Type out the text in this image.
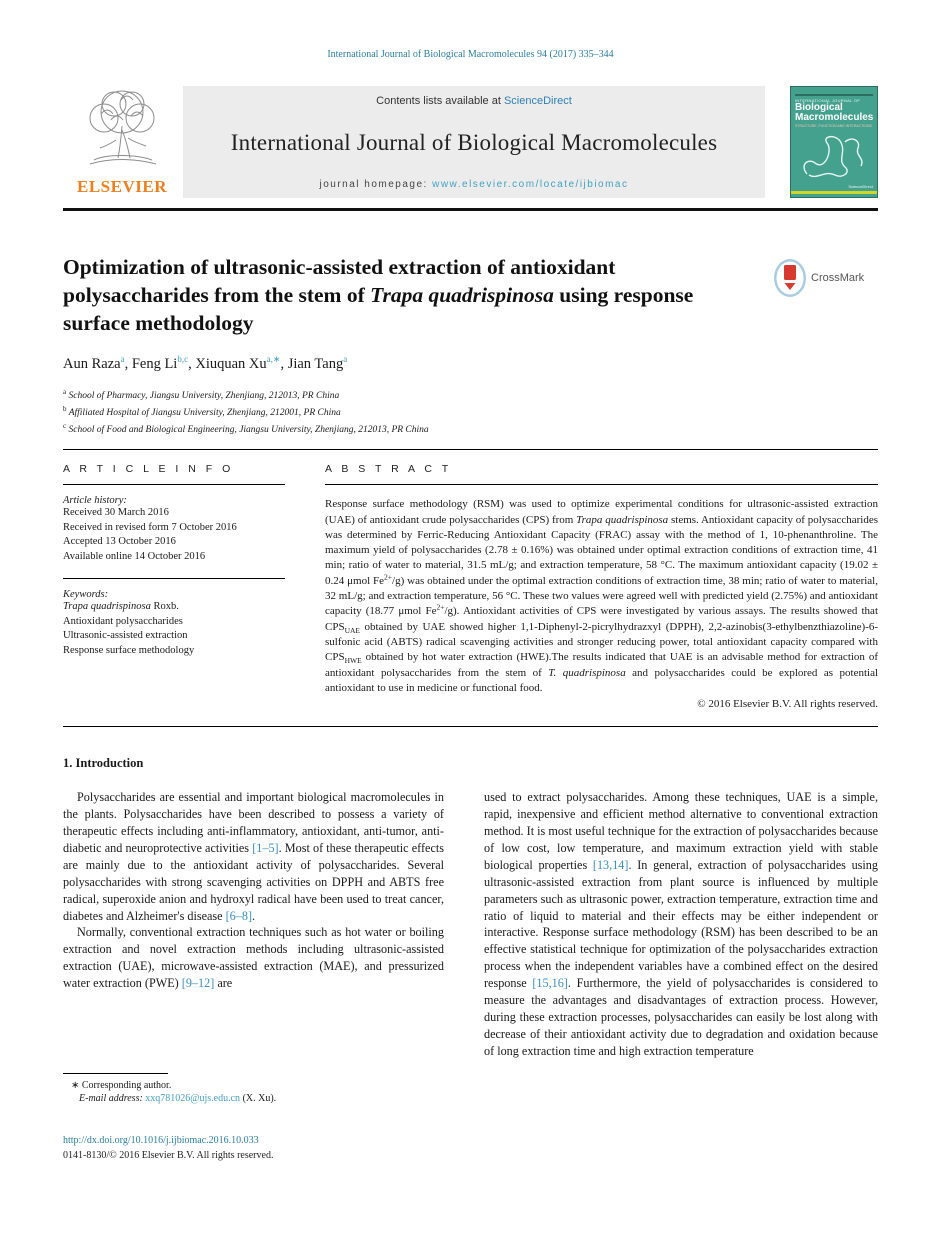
International Journal of Biological Macromolecules 94 (2017) 335–344
ELSEVIER
Contents lists available at ScienceDirect
International Journal of Biological Macromolecules
journal homepage: www.elsevier.com/locate/ijbiomac
INTERNATIONAL JOURNAL OF
Biological
Macromolecules
STRUCTURE, FUNCTION AND INTERACTIONS
ScienceDirect
Optimization of ultrasonic-assisted extraction of antioxidant polysaccharides from the stem of Trapa quadrispinosa using response surface methodology
CrossMark
Aun Raza$^a$, Feng Li$^{b,c}$, Xiuquan $Xu^{a,∗}$, Jian Tang$^a$
$^a$ School of Pharmacy, Jiangsu University, Zhenjiang, 212013, PR China
$^b$ Affiliated Hospital of Jiangsu University, Zhenjiang, 212001, PR China
$^c$ School of Food and Biological Engineering, Jiangsu University, Zhenjiang, 212013, PR China
A R T I C L E I N F O
Article history:
Received 30 March 2016
Received in revised form 7 October 2016
Accepted 13 October 2016
Available online 14 October 2016
Keywords:
Trapa quadrispinosa Roxb.
Antioxidant polysaccharides
Ultrasonic-assisted extraction
Response surface methodology
A B S T R A C T

Response surface methodology (RSM) was used to optimize experimental conditions for ultrasonic-assisted extraction (UAE) of antioxidant crude polysaccharides (CPS) from Trapa quadrispinosa stems. Antioxidant capacity of polysaccharides was determined by Ferric-Reducing Antioxidant Capacity (FRAC) assay with the method of 1, 10-phenanthroline. The maximum yield of polysaccharides (2.78 ± 0.16%) was obtained under optimal extraction conditions of extraction time, 41 min; ratio of water to material, 31.5 mL/g; and extraction temperature, 58 °C. The maximum antioxidant capacity (19.02 ± 0.24 μmol $Fe^{2+}/g$) was obtained under the optimal extraction conditions of extraction time, 38 min; ratio of water to material, 32 mL/g; and extraction temperature, 56 °C. These two values were agreed well with predicted yield (2.75%) and antioxidant capacity (18.77 μmol $Fe^{2+}/g$). Antioxidant activities of CPS were investigated by various assays. The results showed that $CPS_{UAE}$ obtained by UAE showed higher 1,1-Diphenyl-2-picrylhydrazxyl (DPPH), 2,2-azinobis(3-ethylbenzthiazoline)-6-sulfonic acid (ABTS) radical scavenging activities and stronger reducing power, total antioxidant capacity compared with $CPS_{HWE}$ obtained by hot water extraction (HWE).The results indicated that UAE is an advisable method for extraction of antioxidant polysaccharides from the stem of T. quadrispinosa and polysaccharides could be explored as potential antioxidant to use in medicine or functional food.

© 2016 Elsevier B.V. All rights reserved.
1. Introduction

Polysaccharides are essential and important biological macromolecules in the plants. Polysaccharides have been described to possess a variety of therapeutic effects including anti-inflammatory, antioxidant, anti-tumor, anti-diabetic and neuroprotective activities [1–5]. Most of these therapeutic effects are mainly due to the antioxidant activity of polysaccharides. Several polysaccharides with strong scavenging activities on DPPH and ABTS free radical, superoxide anion and hydroxyl radical have been used to treat cancer, diabetes and Alzheimer's disease [6–8].

Normally, conventional extraction techniques such as hot water or boiling extraction and novel extraction methods including ultrasonic-assisted extraction (UAE), microwave-assisted extraction (MAE), and pressurized water extraction (PWE) [9–12] are

used to extract polysaccharides. Among these techniques, UAE is a simple, rapid, inexpensive and efficient method alternative to conventional extraction method. It is most useful technique for the extraction of polysaccharides because of low cost, low temperature, and maximum extraction yield with stable biological properties [13,14]. In general, extraction of polysaccharides using ultrasonic-assisted extraction from plant source is influenced by multiple parameters such as ultrasonic power, extraction temperature, extraction time and ratio of liquid to material and their effects may be either independent or interactive. Response surface methodology (RSM) has been described to be an effective statistical technique for optimization of the polysaccharides extraction process when the independent variables have a combined effect on the desired response [15,16]. Furthermore, the yield of polysaccharides is considered to measure the advantages and disadvantages of extraction process. However, during these extraction processes, polysaccharides can easily be lost along with decrease of their antioxidant activity due to degradation and oxidation because of long extraction time and high extraction temperature

∗ Corresponding author.
E-mail address: xxq781026@ujs.edu.cn (X. Xu).
http://dx.doi.org/10.1016/j.ijbiomac.2016.10.033
0141-8130/© 2016 Elsevier B.V. All rights reserved.
